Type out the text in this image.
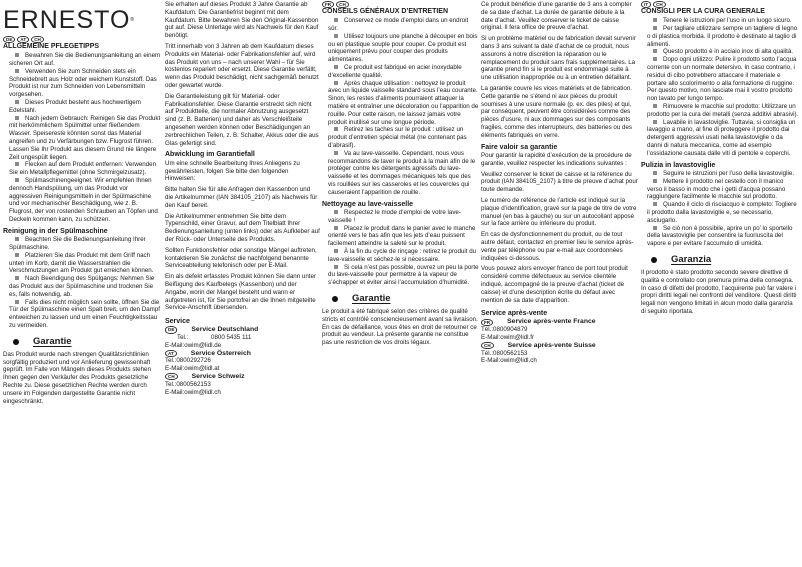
ERNESTO®
DE	AT	CH
ALLGEMEINE PFLEGETIPPS
Bewahren Sie die Bedienungsanleitung an einem sicheren Ort auf.
Verwenden Sie zum Schneiden stets ein Schneidebrett aus Holz oder weichem Kunststoff. Das Produkt ist nur zum Schneiden von Lebensmitteln vorgesehen.
Dieses Produkt besteht aus hochwertigem Edelstahl.
Nach jedem Gebrauch: Reinigen Sie das Produkt mit herkömmlichem Spülmittel unter fließendem Wasser. Speisereste könnten sonst das Material angreifen und zu Verfärbungen bzw. Flugrost führen. Lassen Sie Ihr Produkt aus diesem Grund nie längere Zeit ungespült liegen.
Flecken auf dem Produkt entfernen: Verwenden Sie ein Metallpflegemittel (ohne Schmirgelzusatz).
Spülmaschinengeeignet. Wir empfehlen Ihnen dennoch Handspülung, um das Produkt vor aggressiven Reinigungsmitteln in der Spülmaschine und vor mechanischer Beschädigung, wie z. B. Flugrost, der von rostenden Schrauben an Töpfen und Deckeln kommen kann, zu schützen.
Reinigung in der Spülmaschine
Beachten Sie die Bedienungsanleitung Ihrer Spülmaschine.
Platzieren Sie das Produkt mit dem Griff nach unten im Korb, damit die Wasserstrahlen die Verschmutzungen am Produkt gut erreichen können.
Nach Beendigung des Spülgangs: Nehmen Sie das Produkt aus der Spülmaschine und trocknen Sie es, falls notwendig, ab.
Falls dies nicht möglich sein sollte, öffnen Sie die Tür der Spülmaschine einen Spalt breit, um den Dampf entweichen zu lassen und um einen Feuchtigkeitsstau zu vermeiden.
Garantie
Das Produkt wurde nach strengen Qualitätsrichtlinien sorgfältig produziert und vor Anlieferung gewissenhaft geprüft. Im Falle von Mängeln dieses Produkts stehen Ihnen gegen den Verkäufer des Produkts gesetzliche Rechte zu. Diese gesetzlichen Rechte werden durch unsere im Folgenden dargestellte Garantie nicht eingeschränkt.
Sie erhalten auf dieses Produkt 3 Jahre Garantie ab Kaufdatum. Die Garantiefrist beginnt mit dem Kaufdatum. Bitte bewahren Sie den Original-Kassenbon gut auf. Diese Unterlage wird als Nachweis für den Kauf benötigt.
Tritt innerhalb von 3 Jahren ab dem Kaufdatum dieses Produkts ein Material- oder Fabrikationsfehler auf, wird das Produkt von uns – nach unserer Wahl – für Sie kostenlos repariert oder ersetzt. Diese Garantie verfällt, wenn das Produkt beschädigt, nicht sachgemäß benutzt oder gewartet wurde.
Die Garantieleistung gilt für Material- oder Fabrikationsfehler. Diese Garantie erstreckt sich nicht auf Produktteile, die normaler Abnutzung ausgesetzt sind (z. B. Batterien) und daher als Verschleißteile angesehen werden können oder Beschädigungen an zerbrechlichen Teilen, z. B. Schalter, Akkus oder die aus Glas gefertigt sind.
Abwicklung im Garantiefall
Um eine schnelle Bearbeitung Ihres Anliegens zu gewährleisten, folgen Sie bitte den folgenden Hinweisen:
Bitte halten Sie für alle Anfragen den Kassenbon und die Artikelnummer (IAN 384105_2107) als Nachweis für den Kauf bereit.
Die Artikelnummer entnehmen Sie bitte dem Typenschild, einer Gravur, auf dem Titelblatt Ihrer Bedienungsanleitung (unten links) oder als Aufkleber auf der Rück- oder Unterseite des Produkts.
Sollten Funktionsfehler oder sonstige Mängel auftreten, kontaktieren Sie zunächst die nachfolgend benannte Serviceabteilung telefonisch oder per E-Mail.
Ein als defekt erfasstes Produkt können Sie dann unter Beifügung des Kaufbelegs (Kassenbon) und der Angabe, worin der Mangel besteht und wann er aufgetreten ist, für Sie portofrei an die Ihnen mitgeteilte Service-Anschrift übersenden.
Service
DE	Service Deutschland
Tel.:	0800 5435 111
E-Mail:owim@lidl.de
AT	Service Österreich
Tel.:0800292726
E-Mail:owim@lidl.at
CH	Service Schweiz
Tel.:0800562153
E-Mail:owim@lidl.ch
FR	CH
CONSEILS GÉNÉRAUX D’ENTRETIEN
Conservez ce mode d’emploi dans un endroit sûr.
Utilisez toujours une planche à découper en bois ou en plastique souple pour couper. Ce produit est uniquement prévu pour couper des produits alimentaires.
Ce produit est fabriqué en acier inoxydable d’excellente qualité.
Après chaque utilisation : nettoyez le produit avec un liquide vaisselle standard sous l’eau courante. Sinon, les restes d’aliments pourraient attaquer la matière et entraîner une décoloration ou l’apparition de rouille. Pour cette raison, ne laissez jamais votre produit inutilisé sur une longue période.
Retirez les taches sur le produit : utilisez un produit d’entretien spécial métal (ne contenant pas d’abrasif).
Va au lave-vaisselle. Cependant, nous vous recommandons de laver le produit à la main afin de le protéger contre les détergents agressifs du lave-vaisselle et les dommages mécaniques tels que des vis rouillées sur les casseroles et les couvercles qui causeraient l’apparition de rouille.
Nettoyage au lave-vaisselle
Respectez le mode d’emploi de votre lave-vaisselle !
Placez le produit dans le panier avec le manche orienté vers le bas afin que les jets d’eau puissent facilement atteindre la saleté sur le produit.
À la fin du cycle de rinçage : retirez le produit du lave-vaisselle et séchez-le si nécessaire.
Si cela n’est pas possible, ouvrez un peu la porte du lave-vaisselle pour permettre à la vapeur de s’échapper et éviter ainsi l’accumulation d’humidité.
Garantie
Le produit a été fabriqué selon des critères de qualité stricts et contrôlé consciencieusement avant sa livraison. En cas de défaillance, vous êtes en droit de retourner ce produit au vendeur. La présente garantie ne constitue pas une restriction de vos droits légaux.
Ce produit bénéficie d’une garantie de 3 ans à compter de sa date d’achat. La durée de garantie débute à la date d’achat. Veuillez conserver le ticket de caisse original. Il fera office de preuve d’achat.
Si un problème matériel ou de fabrication devait survenir dans 3 ans suivant la date d’achat de ce produit, nous assurons à notre discrétion la réparation ou le remplacement du produit sans frais supplémentaires. La garantie prend fin si le produit est endommagé suite à une utilisation inappropriée ou à un entretien défaillant.
La garantie couvre les vices matériels et de fabrication. Cette garantie ne s’étend ni aux pièces du produit soumises à une usure normale (p. ex. des piles) et qui, par conséquent, peuvent être considérées comme des pièces d’usure, ni aux dommages sur des composants fragiles, comme des interrupteurs, des batteries ou des éléments fabriqués en verre.
Faire valoir sa garantie
Pour garantir la rapidité d’exécution de la procédure de garantie, veuillez respecter les indications suivantes :
Veuillez conserver le ticket de caisse et la référence du produit (IAN 384105_2107) à titre de preuve d’achat pour toute demande.
Le numéro de référence de l’article est indiqué sur la plaque d’identification, gravé sur la page de titre de votre manuel (en bas à gauche) ou sur un autocollant apposé sur la face arrière ou inférieure du produit.
En cas de dysfonctionnement du produit, ou de tout autre défaut, contactez en premier lieu le service après-vente par téléphone ou par e-mail aux coordonnées indiquées ci-dessous.
Vous pouvez alors envoyer franco de port tout produit considéré comme défectueux au service clientèle indiqué, accompagné de la preuve d’achat (ticket de caisse) et d’une description écrite du défaut avec mention de sa date d’apparition.
Service après-vente
FR	Service après-vente France
Tél.:0800904879
E-Mail:owim@lidl.fr
CH	Service après-vente Suisse
Tél.:0800562153
E-Mail:owim@lidl.ch
IT	CH
CONSIGLI PER LA CURA GENERALE
Tenere le istruzioni per l’uso in un luogo sicuro.
Per tagliare utilizzare sempre un tagliere di legno o di plastica morbida. Il prodotto è destinato al taglio di alimenti.
Questo prodotto è in acciaio inox di alta qualità.
Dopo ogni utilizzo: Pulire il prodotto sotto l’acqua corrente con un normale detersivo. In caso contrario, i residui di cibo potrebbero attaccare il materiale e portare allo scolorimento o alla formazione di ruggine. Per questo motivo, non lasciate mai il vostro prodotto non lavato per lungo tempo.
Rimuovere le macchie sul prodotto: Utilizzare un prodotto per la cura dei metalli (senza additivi abrasivi).
Lavabile in lavastoviglie. Tuttavia, si consiglia un lavaggio a mano, al fine di proteggere il prodotto dai detergenti aggressivi usati nella lavastoviglie o da danni di natura meccanica, come ad esempio l’ossidazione causata dalle viti di pentole e coperchi.
Pulizia in lavastoviglie
Seguire le istruzioni per l’uso della lavastoviglie.
Mettere il prodotto nel cestello con il manico verso il basso in modo che i getti d’acqua possano raggiungere facilmente le macchie sul prodotto.
Quando il ciclo di risciacquo è completo: Togliere il prodotto dalla lavastoviglie e, se necessario, asciugarlo.
Se ciò non è possibile, aprire un po’ lo sportello della lavastoviglie per consentire la fuoriuscita del vapore e per evitare l’accumulo di umidità.
Garanzia
Il prodotto è stato prodotto secondo severe direttive di qualità e controllato con premura prima della consegna. In caso di difetti del prodotto, l’acquirente può far valere i propri diritti legali nei confronti del venditore. Questi diritti legali non vengono limitati in alcun modo dalla garanzia di seguito riportata.
